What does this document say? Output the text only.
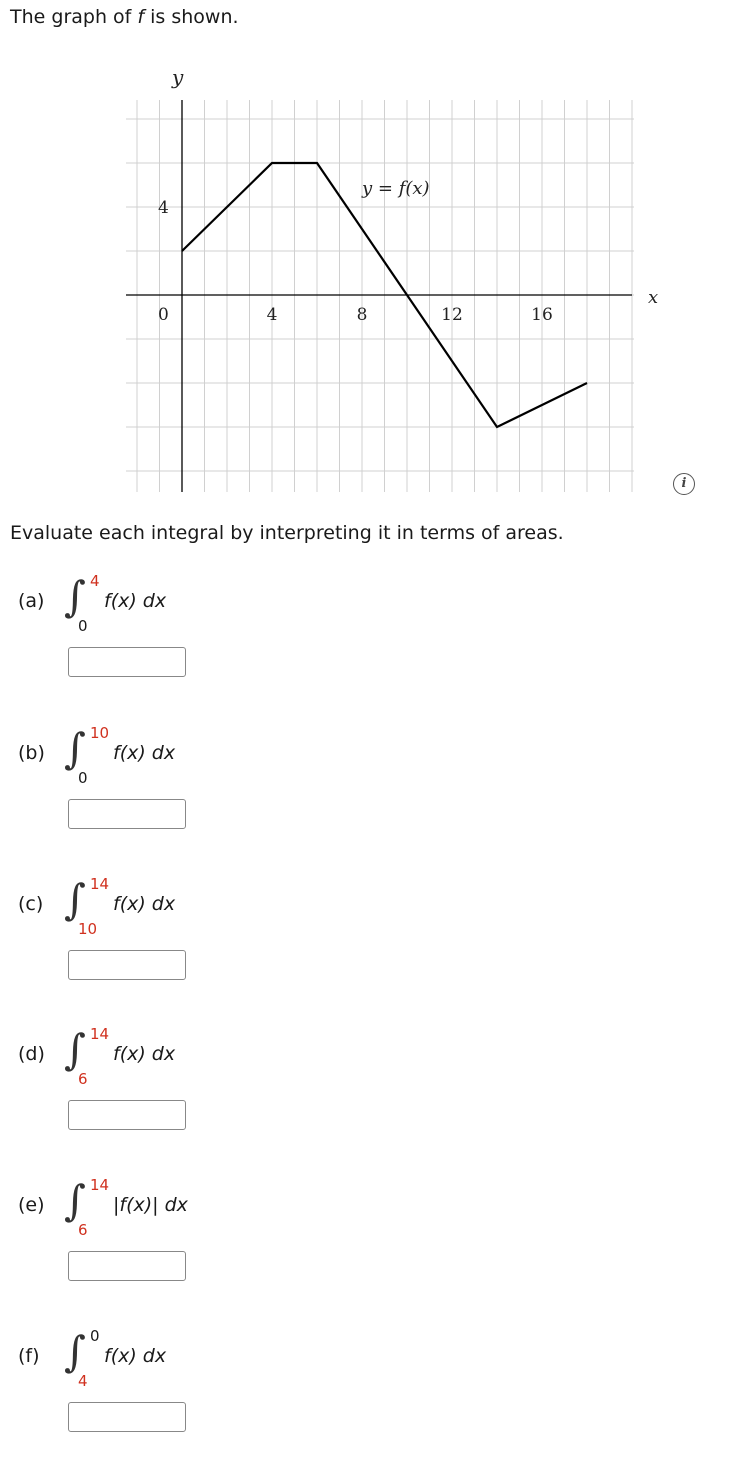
The graph of f is shown.
x
y
0	4	8	12	16
4
y = f(x)
i
Evaluate each integral by interpreting it in terms of areas.
(a) ∫ 4
0
f(x) dx
(b) ∫ 10
0
f(x) dx
(c) ∫ 14
10
f(x) dx
(d) ∫ 14
6
f(x) dx
(e) ∫ 14
6
|f(x)| dx
(f) ∫ 0
4
f(x) dx
